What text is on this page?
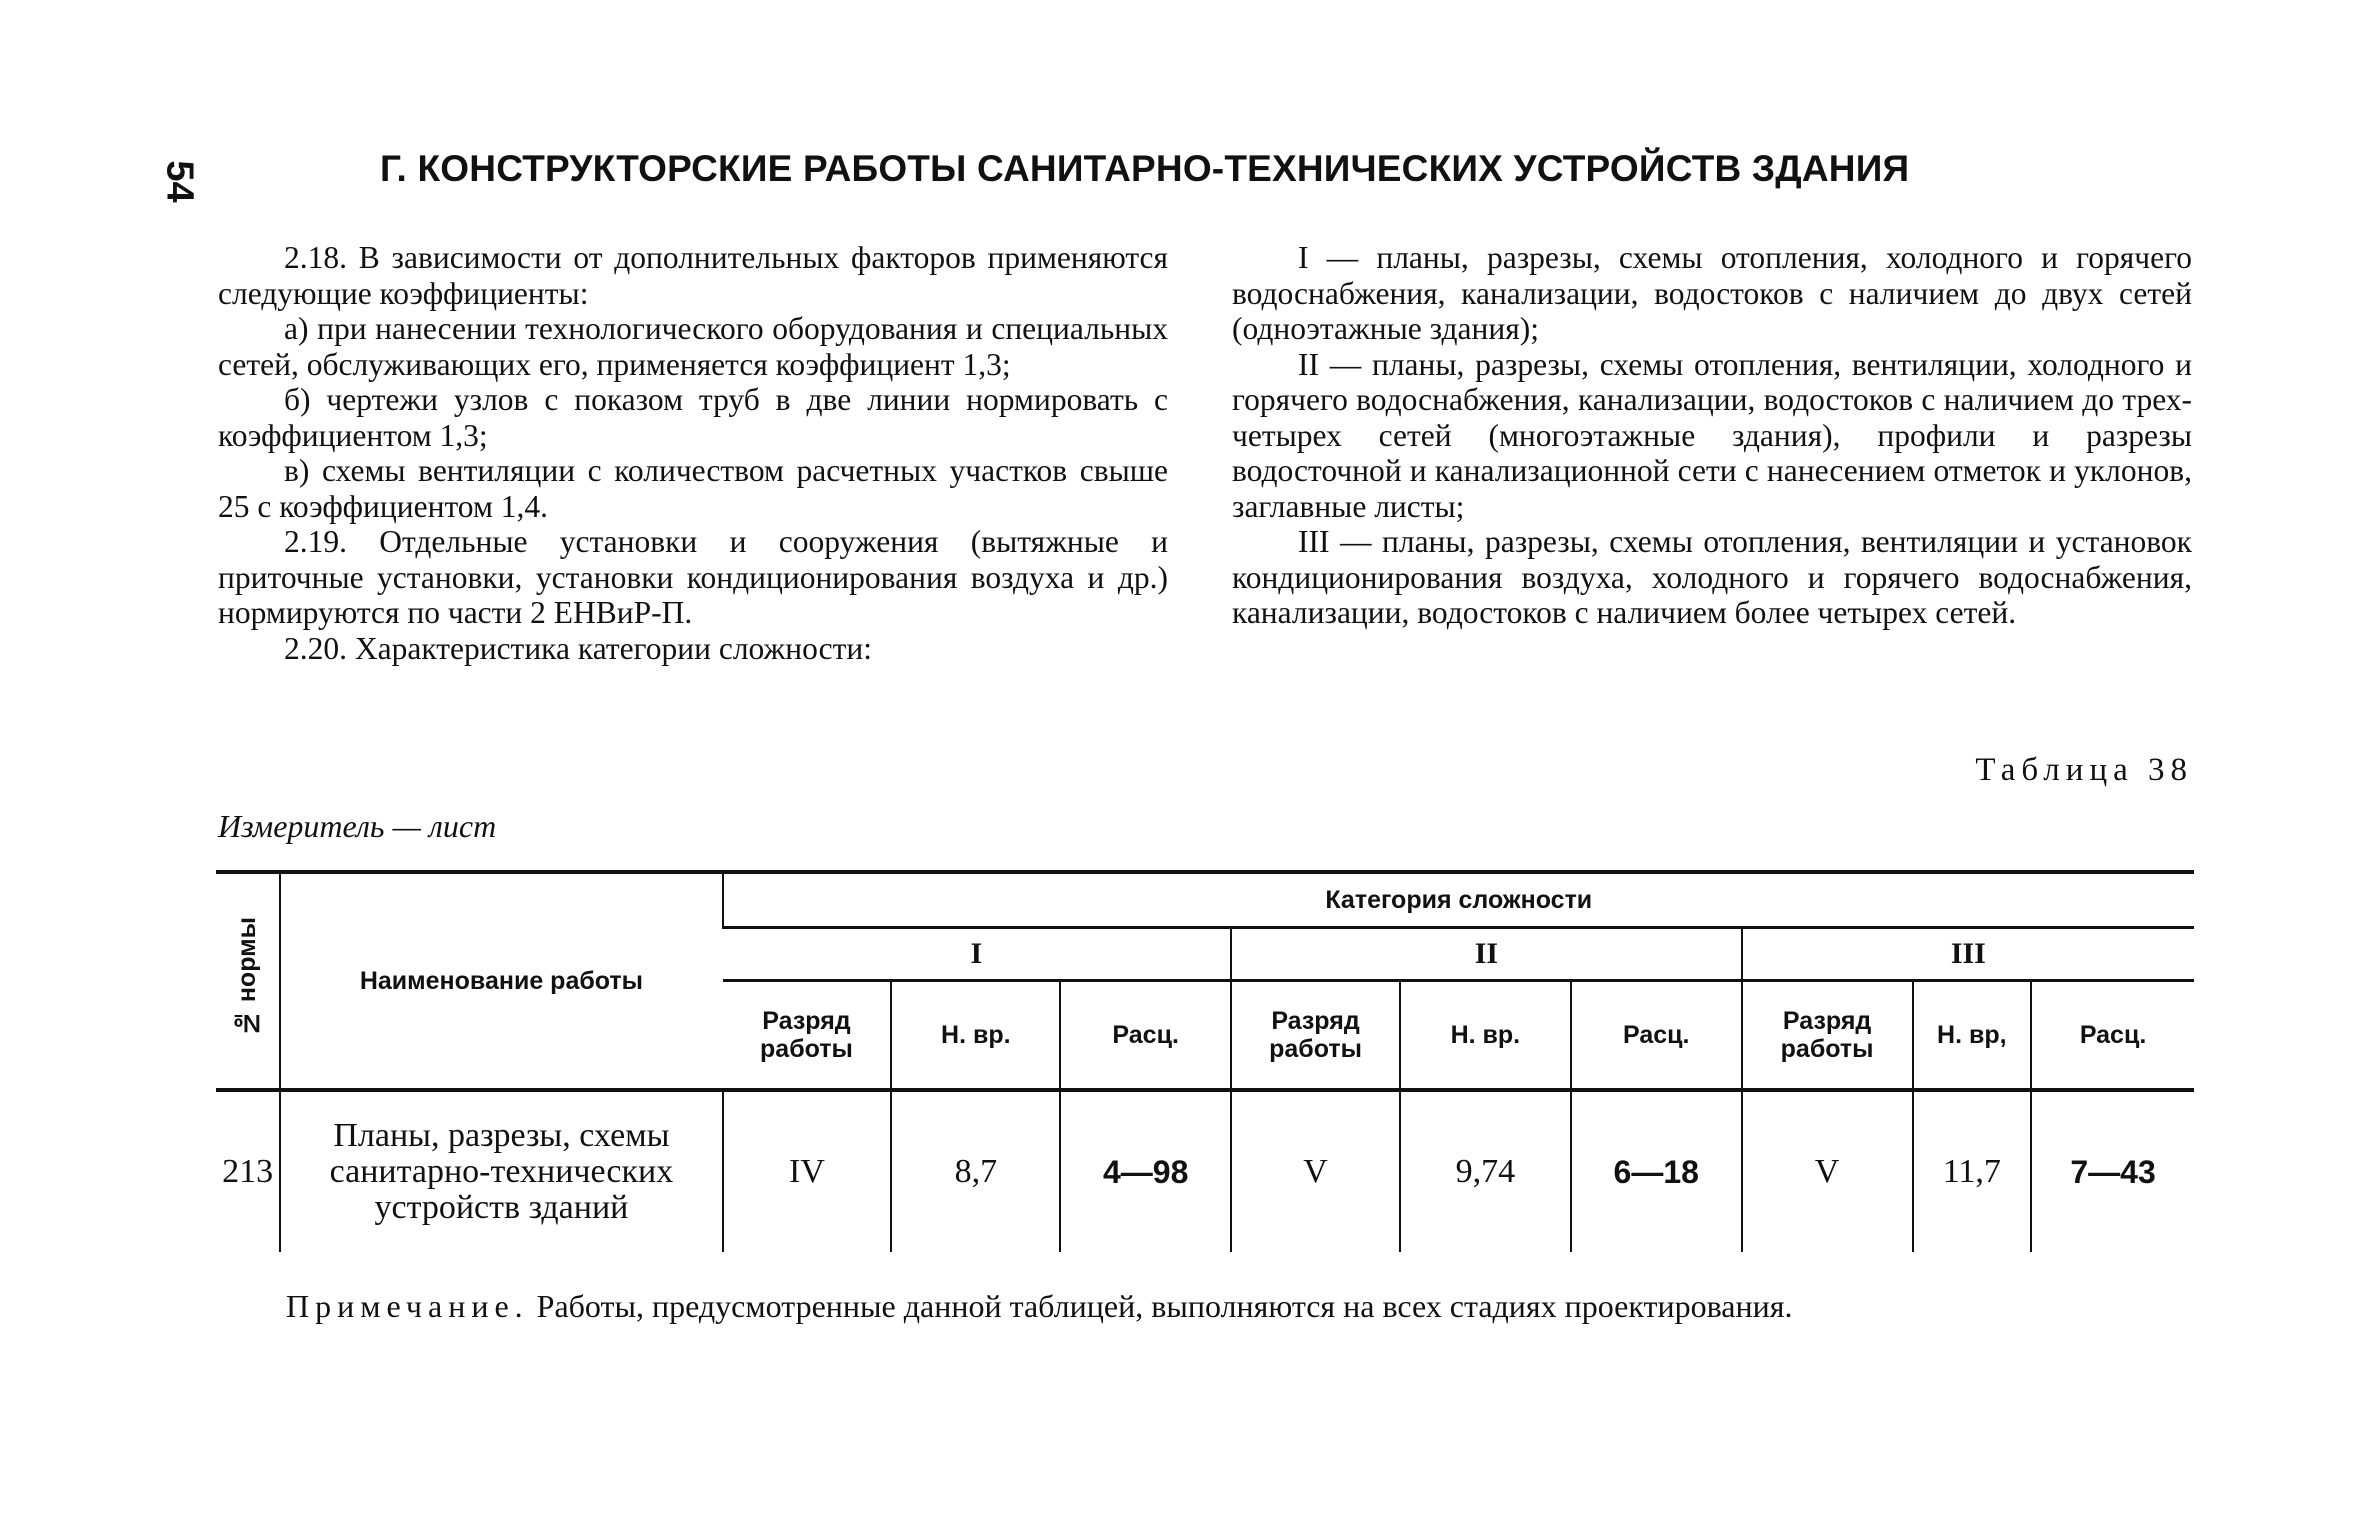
54	Г. КОНСТРУКТОРСКИЕ РАБОТЫ САНИТАРНО-ТЕХНИЧЕСКИХ УСТРОЙСТВ ЗДАНИЯ

2.18. В зависимости от дополнительных факторов применяются следующие коэффициенты:

а) при нанесении технологического оборудования и специальных сетей, обслуживающих его, применяется коэффициент 1,3;

б) чертежи узлов с показом труб в две линии нормировать с коэффициентом 1,3;

в) схемы вентиляции с количеством расчетных участков свыше 25 с коэффициентом 1,4.

2.19. Отдельные установки и сооружения (вытяжные и приточные установки, установки кондиционирования воздуха и др.) нормируются по части 2 ЕНВиР-П.

2.20. Характеристика категории сложности:

I — планы, разрезы, схемы отопления, холодного и горячего водоснабжения, канализации, водостоков с наличием до двух сетей (одноэтажные здания);

II — планы, разрезы, схемы отопления, вентиляции, холодного и горячего водоснабжения, канализации, водостоков с наличием до трех-четырех сетей (многоэтажные здания), профили и разрезы водосточной и канализационной сети с нанесением отметок и уклонов, заглавные листы;

III — планы, разрезы, схемы отопления, вентиляции и установок кондиционирования воздуха, холодного и горячего водоснабжения, канализации, водостоков с наличием более четырех сетей.

Таблица 38
Измеритель — лист
№ нормы	Наименование работы	Категория сложности								
		I			II			III		
		Разряд работы	Н. вр.	Расц.	Разряд работы	Н. вр.	Расц.	Разряд работы	Н. вр,	Расц.
213	Планы, разрезы, схемы санитарно-технических устройств зданий	IV	8,7	4—98	V	9,74	6—18	V	11,7	7—43
Примечание. Работы, предусмотренные данной таблицей, выполняются на всех стадиях проектирования.
